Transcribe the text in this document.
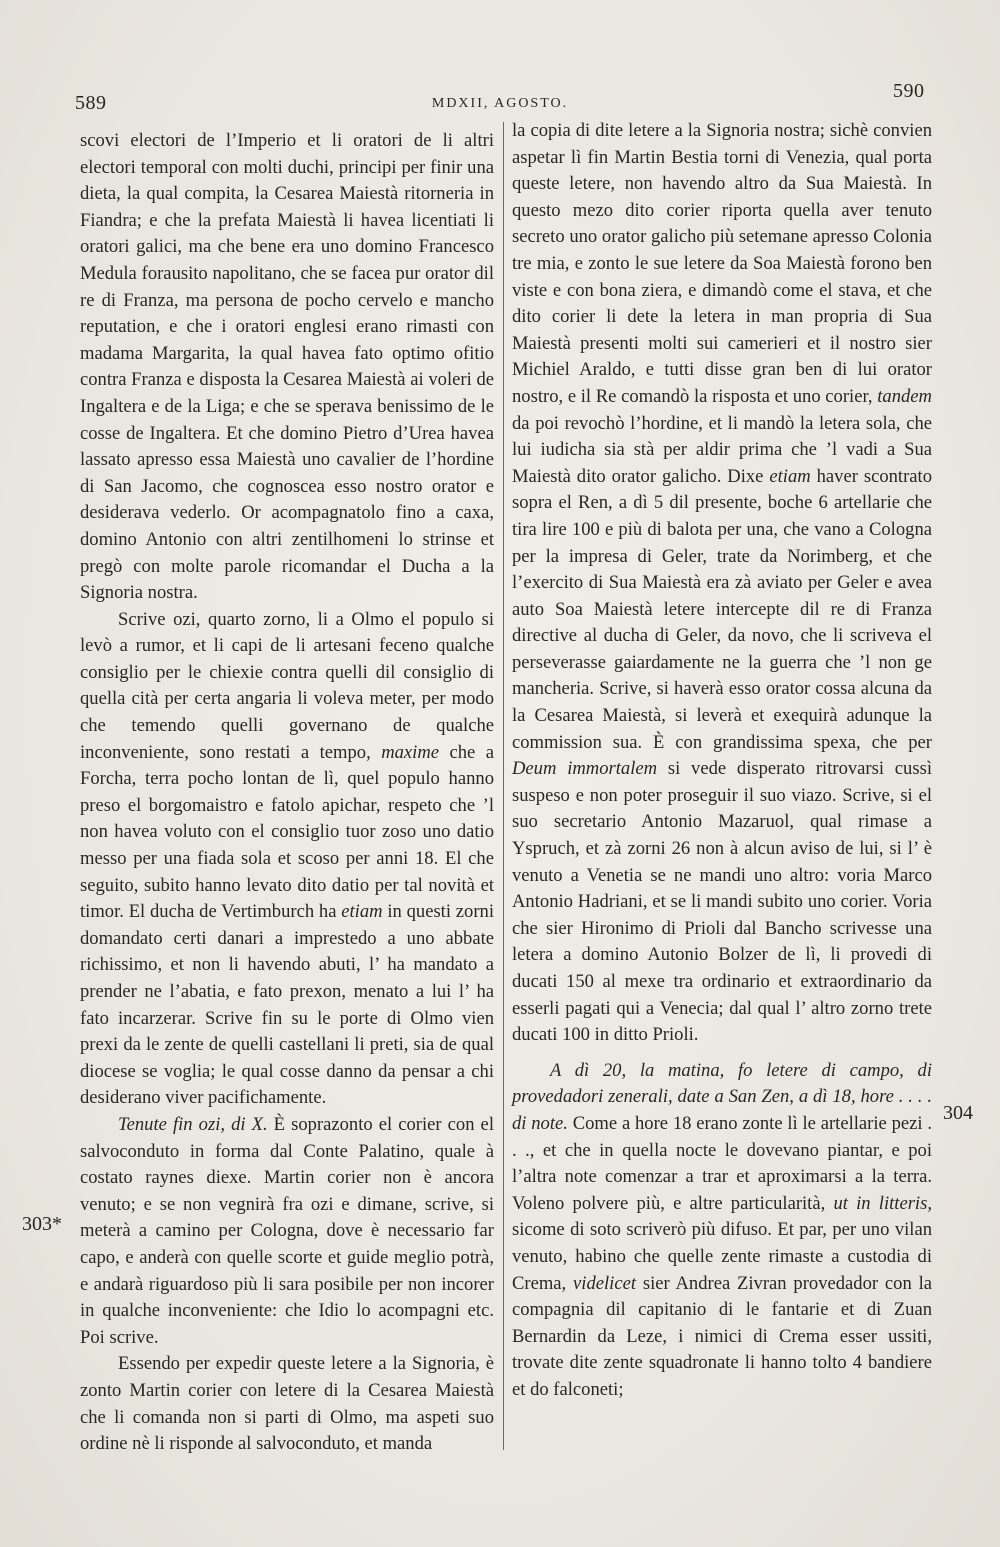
589	MDXII, AGOSTO.
590
303*
304

scovi electori de l’Imperio et li oratori de li altri electori temporal con molti duchi, principi per finir una dieta, la qual compita, la Cesarea Maiestà ritorneria in Fiandra; e che la prefata Maiestà li havea licentiati li oratori galici, ma che bene era uno domino Francesco Medula forausito napolitano, che se facea pur orator dil re di Franza, ma persona de pocho cervelo e mancho reputation, e che i oratori englesi erano rimasti con madama Margarita, la qual havea fato optimo ofitio contra Franza e disposta la Cesarea Maiestà ai voleri de Ingaltera e de la Liga; e che se sperava benissimo de le cosse de Ingaltera. Et che domino Pietro d’Urea havea lassato apresso essa Maiestà uno cavalier de l’hordine di San Jacomo, che cognoscea esso nostro orator e desiderava vederlo. Or acompagnatolo fino a caxa, domino Antonio con altri zentilhomeni lo strinse et pregò con molte parole ricomandar el Ducha a la Signoria nostra.

Scrive ozi, quarto zorno, li a Olmo el populo si levò a rumor, et li capi de li artesani feceno qualche consiglio per le chiexie contra quelli dil consiglio di quella cità per certa angaria li voleva meter, per modo che temendo quelli governano de qualche inconveniente, sono restati a tempo, maxime che a Forcha, terra pocho lontan de lì, quel populo hanno preso el borgomaistro e fatolo apichar, respeto che ’l non havea voluto con el consiglio tuor zoso uno datio messo per una fiada sola et scoso per anni 18. El che seguito, subito hanno levato dito datio per tal novità et timor. El ducha de Vertimburch ha etiam in questi zorni domandato certi danari a imprestedo a uno abbate richissimo, et non li havendo abuti, l’ ha mandato a prender ne l’abatia, e fato prexon, menato a lui l’ ha fato incarzerar. Scrive fin su le porte di Olmo vien prexi da le zente de quelli castellani li preti, sia de qual diocese se voglia; le qual cosse danno da pensar a chi desiderano viver pacifichamente.

Tenute fin ozi, di X. È soprazonto el corier con el salvoconduto in forma dal Conte Palatino, quale à costato raynes diexe. Martin corier non è ancora venuto; e se non vegnirà fra ozi e dimane, scrive, si meterà a camino per Cologna, dove è necessario far capo, e anderà con quelle scorte et guide meglio potrà, e andarà riguardoso più li sara posibile per non incorer in qualche inconveniente: che Idio lo acompagni etc. Poi scrive.

Essendo per expedir queste letere a la Signoria, è zonto Martin corier con letere di la Cesarea Maiestà che li comanda non si parti di Olmo, ma aspeti suo ordine nè li risponde al salvoconduto, et manda

la copia di dite letere a la Signoria nostra; sichè convien aspetar lì fin Martin Bestia torni di Venezia, qual porta queste letere, non havendo altro da Sua Maiestà. In questo mezo dito corier riporta quella aver tenuto secreto uno orator galicho più setemane apresso Colonia tre mia, e zonto le sue letere da Soa Maiestà forono ben viste e con bona ziera, e dimandò come el stava, et che dito corier li dete la letera in man propria di Sua Maiestà presenti molti sui camerieri et il nostro sier Michiel Araldo, e tutti disse gran ben di lui orator nostro, e il Re comandò la risposta et uno corier, tandem da poi revochò l’hordine, et li mandò la letera sola, che lui iudicha sia stà per aldir prima che ’l vadi a Sua Maiestà dito orator galicho. Dixe etiam haver scontrato sopra el Ren, a dì 5 dil presente, boche 6 artellarie che tira lire 100 e più di balota per una, che vano a Cologna per la impresa di Geler, trate da Norimberg, et che l’exercito di Sua Maiestà era zà aviato per Geler e avea auto Soa Maiestà letere intercepte dil re di Franza directive al ducha di Geler, da novo, che li scriveva el perseverasse gaiardamente ne la guerra che ’l non ge mancheria. Scrive, si haverà esso orator cossa alcuna da la Cesarea Maiestà, si leverà et exequirà adunque la commission sua. È con grandissima spexa, che per Deum immortalem si vede disperato ritrovarsi cussì suspeso e non poter proseguir il suo viazo. Scrive, si el suo secretario Antonio Mazaruol, qual rimase a Yspruch, et zà zorni 26 non à alcun aviso de lui, si l’ è venuto a Venetia se ne mandi uno altro: voria Marco Antonio Hadriani, et se li mandi subito uno corier. Voria che sier Hironimo di Prioli dal Bancho scrivesse una letera a domino Autonio Bolzer de lì, li provedi di ducati 150 al mexe tra ordinario et extraordinario da esserli pagati qui a Venecia; dal qual l’ altro zorno trete ducati 100 in ditto Prioli.

A dì 20, la matina, fo letere di campo, di provedadori zenerali, date a San Zen, a dì 18, hore . . . . di note. Come a hore 18 erano zonte lì le artellarie pezi . . ., et che in quella nocte le dovevano piantar, e poi l’altra note comenzar a trar et aproximarsi a la terra. Voleno polvere più, e altre particularità, ut in litteris, sicome di soto scriverò più difuso. Et par, per uno vilan venuto, habino che quelle zente rimaste a custodia di Crema, videlicet sier Andrea Zivran provedador con la compagnia dil capitanio di le fantarie et di Zuan Bernardin da Leze, i nimici di Crema esser ussiti, trovate dite zente squadronate li hanno tolto 4 bandiere et do falconeti;
